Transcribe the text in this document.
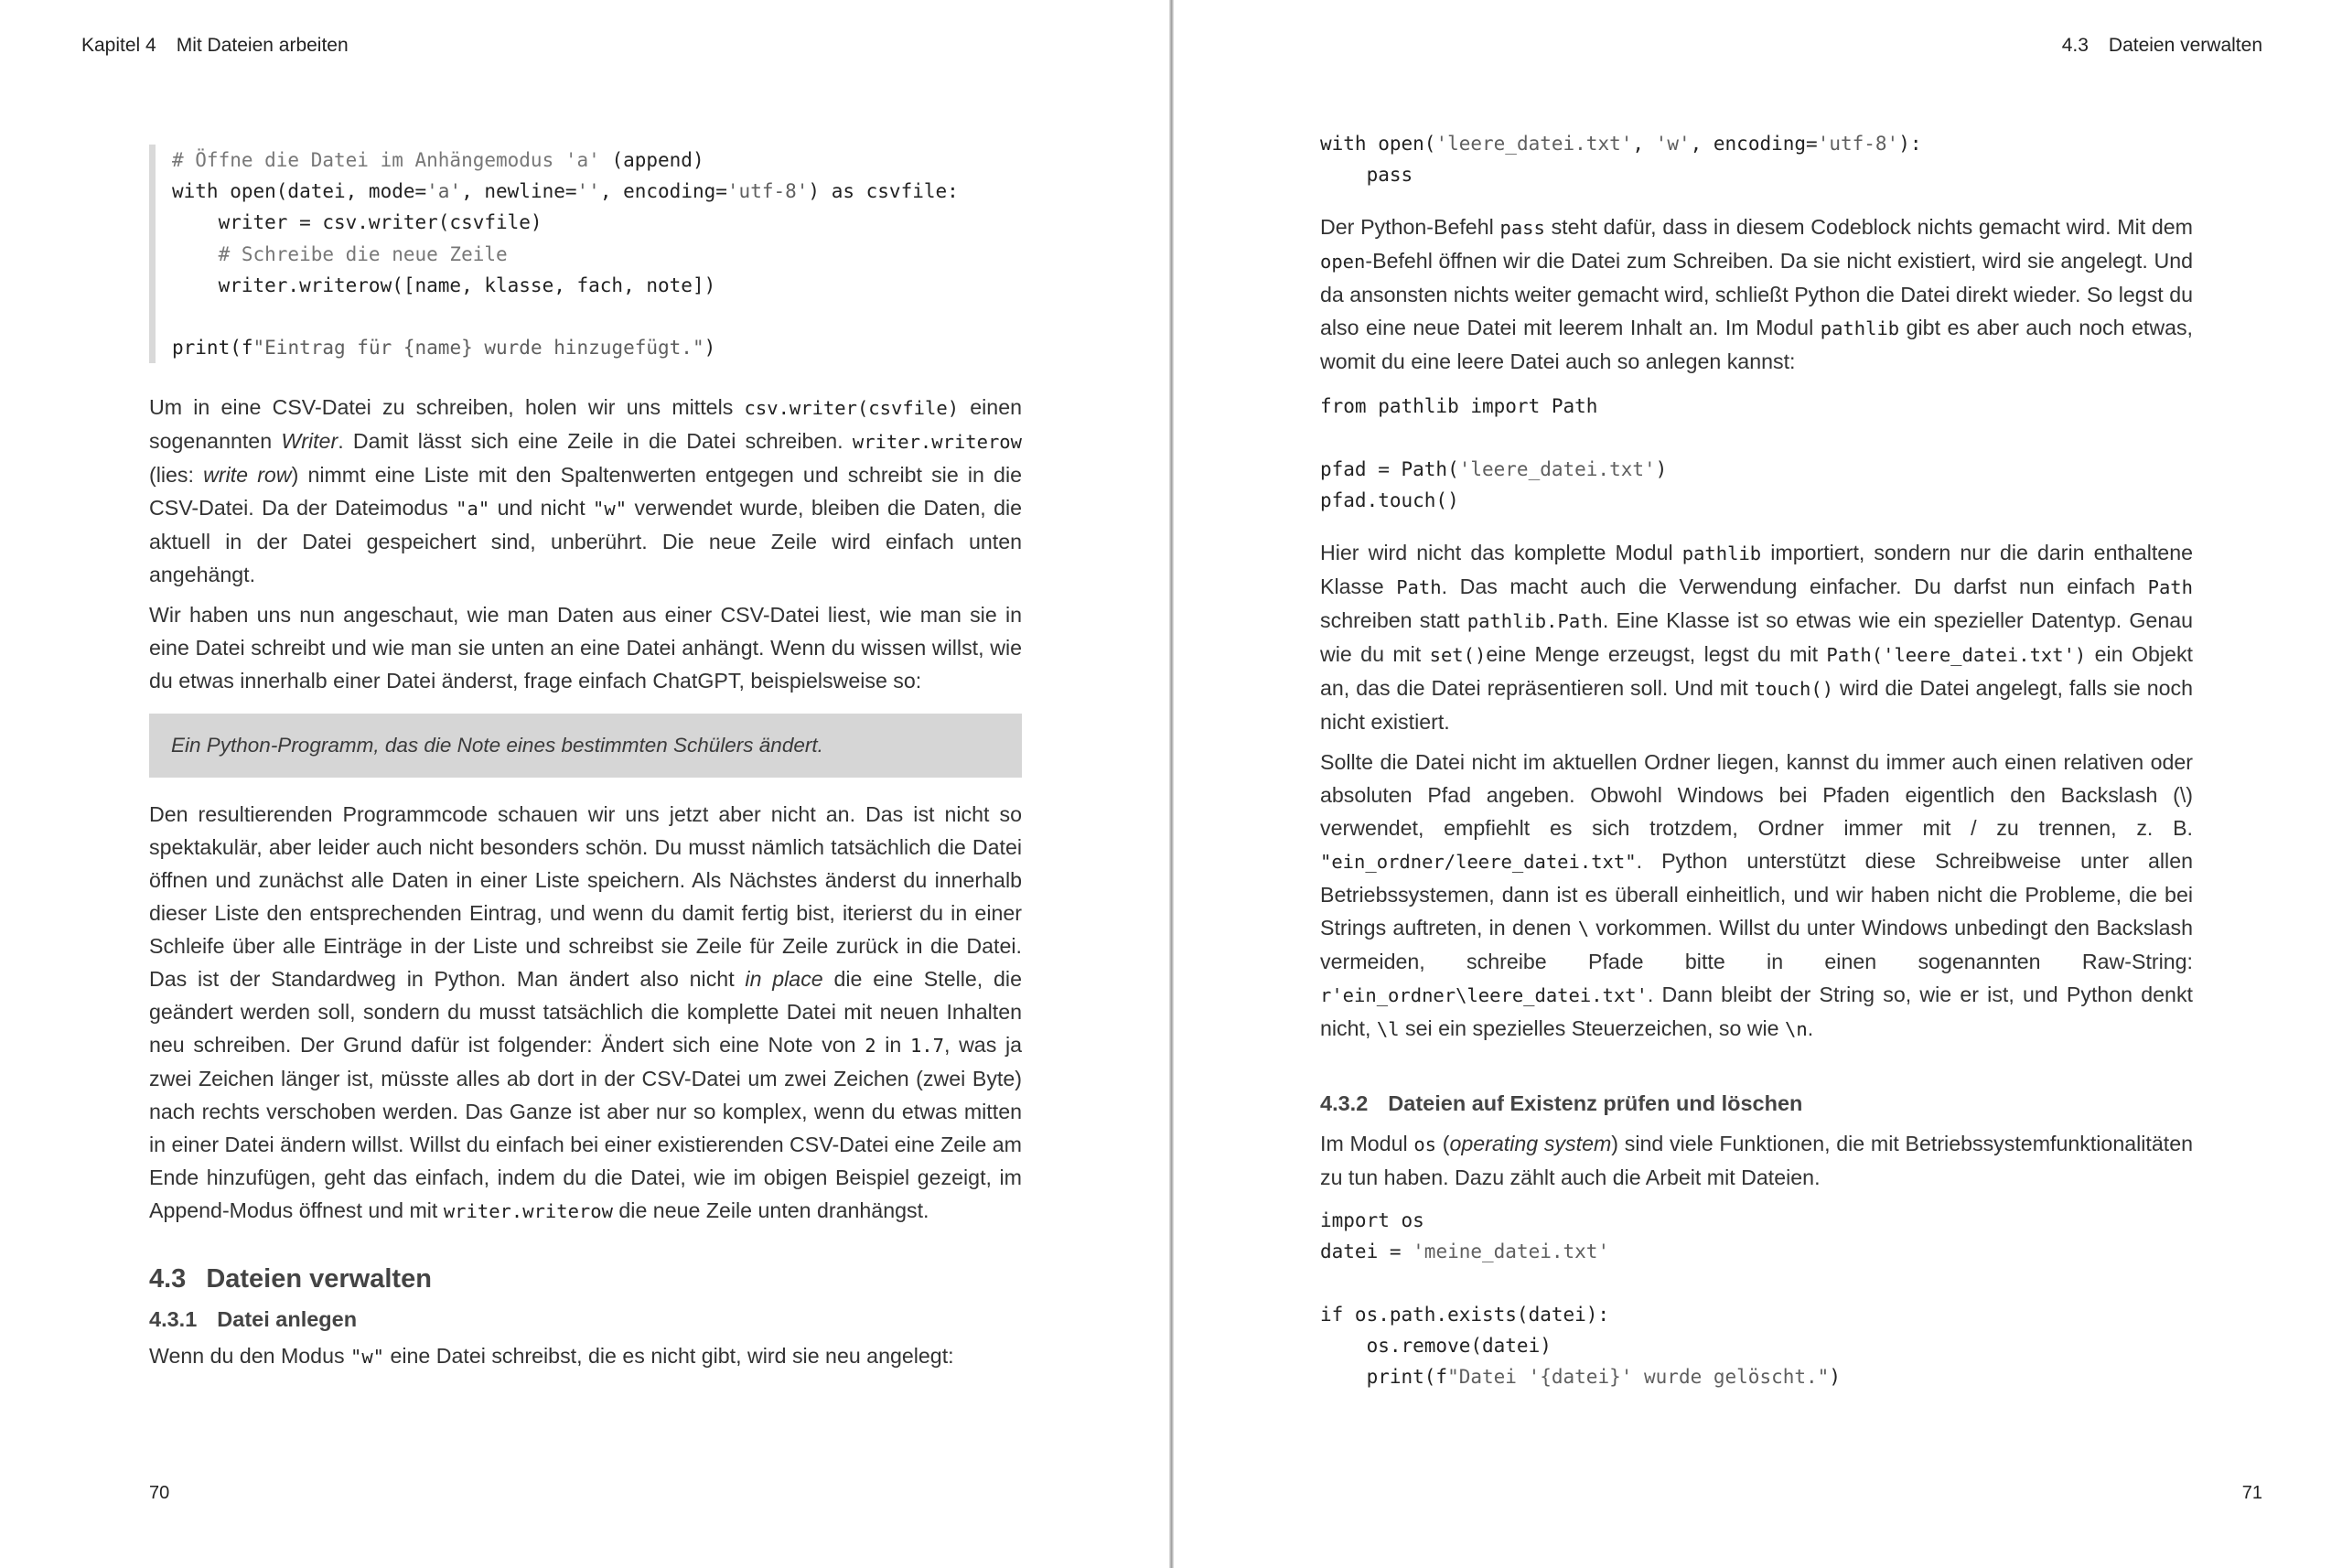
Kapitel 4 Mit Dateien arbeiten
# Öffne die Datei im Anhängemodus 'a' (append)
with open(datei, mode='a', newline='', encoding='utf-8') as csvfile:
writer = csv.writer(csvfile)
# Schreibe die neue Zeile
writer.writerow([name, klasse, fach, note])

print(f"Eintrag für {name} wurde hinzugefügt.")

Um in eine CSV-Datei zu schreiben, holen wir uns mittels csv.writer(csvfile) einen sogenannten Writer. Damit lässt sich eine Zeile in die Datei schreiben. writer.writerow (lies: write row) nimmt eine Liste mit den Spaltenwerten entgegen und schreibt sie in die CSV-Datei. Da der Dateimodus "a" und nicht "w" verwendet wurde, bleiben die Daten, die aktuell in der Datei gespeichert sind, unberührt. Die neue Zeile wird einfach unten angehängt.

Wir haben uns nun angeschaut, wie man Daten aus einer CSV-Datei liest, wie man sie in eine Datei schreibt und wie man sie unten an eine Datei anhängt. Wenn du wissen willst, wie du etwas innerhalb einer Datei änderst, frage einfach ChatGPT, beispielsweise so:

Ein Python-Programm, das die Note eines bestimmten Schülers ändert.

Den resultierenden Programmcode schauen wir uns jetzt aber nicht an. Das ist nicht so spektakulär, aber leider auch nicht besonders schön. Du musst nämlich tatsächlich die Datei öffnen und zunächst alle Daten in einer Liste speichern. Als Nächstes änderst du innerhalb dieser Liste den entsprechenden Eintrag, und wenn du damit fertig bist, iterierst du in einer Schleife über alle Einträge in der Liste und schreibst sie Zeile für Zeile zurück in die Datei. Das ist der Standardweg in Python. Man ändert also nicht in place die eine Stelle, die geändert werden soll, sondern du musst tatsächlich die komplette Datei mit neuen Inhalten neu schreiben. Der Grund dafür ist folgender: Ändert sich eine Note von 2 in 1.7, was ja zwei Zeichen länger ist, müsste alles ab dort in der CSV-Datei um zwei Zeichen (zwei Byte) nach rechts verschoben werden. Das Ganze ist aber nur so komplex, wenn du etwas mitten in einer Datei ändern willst. Willst du einfach bei einer existierenden CSV-Datei eine Zeile am Ende hinzufügen, geht das einfach, indem du die Datei, wie im obigen Beispiel gezeigt, im Append-Modus öffnest und mit writer.writerow die neue Zeile unten dranhängst.

4.3 Dateien verwalten
4.3.1 Datei anlegen

Wenn du den Modus "w" eine Datei schreibst, die es nicht gibt, wird sie neu angelegt:

70
4.3 Dateien verwalten
with open('leere_datei.txt', 'w', encoding='utf-8'):
pass

Der Python-Befehl pass steht dafür, dass in diesem Codeblock nichts gemacht wird. Mit dem open-Befehl öffnen wir die Datei zum Schreiben. Da sie nicht existiert, wird sie angelegt. Und da ansonsten nichts weiter gemacht wird, schließt Python die Datei direkt wieder. So legst du also eine neue Datei mit leerem Inhalt an. Im Modul pathlib gibt es aber auch noch etwas, womit du eine leere Datei auch so anlegen kannst:

from pathlib import Path

pfad = Path('leere_datei.txt')
pfad.touch()

Hier wird nicht das komplette Modul pathlib importiert, sondern nur die darin enthaltene Klasse Path. Das macht auch die Verwendung einfacher. Du darfst nun einfach Path schreiben statt pathlib.Path. Eine Klasse ist so etwas wie ein spezieller Datentyp. Genau wie du mit set()eine Menge erzeugst, legst du mit Path('leere_datei.txt') ein Objekt an, das die Datei repräsentieren soll. Und mit touch() wird die Datei angelegt, falls sie noch nicht existiert.

Sollte die Datei nicht im aktuellen Ordner liegen, kannst du immer auch einen relativen oder absoluten Pfad angeben. Obwohl Windows bei Pfaden eigentlich den Backslash (\) verwendet, empfiehlt es sich trotzdem, Ordner immer mit / zu trennen, z. B. "ein_ordner/leere_datei.txt". Python unterstützt diese Schreibweise unter allen Betriebssystemen, dann ist es überall einheitlich, und wir haben nicht die Probleme, die bei Strings auftreten, in denen \ vorkommen. Willst du unter Windows unbedingt den Backslash vermeiden, schreibe Pfade bitte in einen sogenannten Raw-String: r'ein_ordner\leere_datei.txt'. Dann bleibt der String so, wie er ist, und Python denkt nicht, \l sei ein spezielles Steuerzeichen, so wie \n.

4.3.2 Dateien auf Existenz prüfen und löschen

Im Modul os (operating system) sind viele Funktionen, die mit Betriebssystemfunktionalitäten zu tun haben. Dazu zählt auch die Arbeit mit Dateien.

import os
datei = 'meine_datei.txt'

if os.path.exists(datei):
os.remove(datei)
print(f"Datei '{datei}' wurde gelöscht.")
71
